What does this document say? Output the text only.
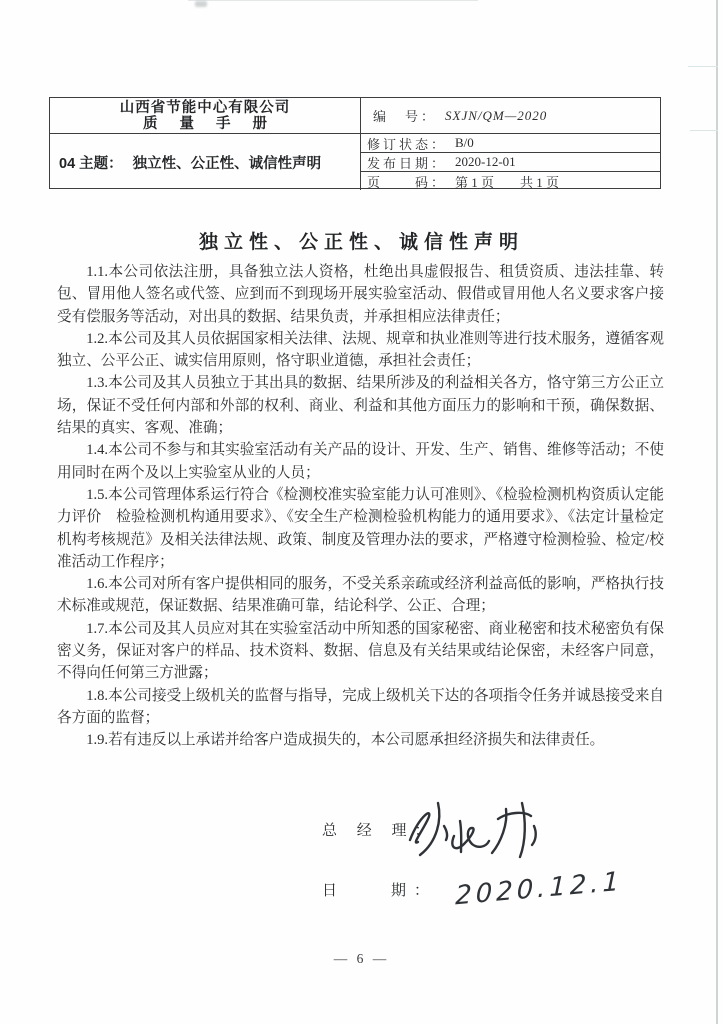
山西省节能中心有限公司
质 量 手 册	编　号： SXJN/QM—2020
04 主题： 独立性、公正性、诚信性声明
修订状态： B/0
发布日期： 2020-12-01
页　　码： 第 1 页　　共 1 页
独立性、公正性、诚信性声明

1.1.本公司依法注册，具备独立法人资格，杜绝出具虚假报告、租赁资质、违法挂靠、转包、冒用他人签名或代签、应到而不到现场开展实验室活动、假借或冒用他人名义要求客户接受有偿服务等活动，对出具的数据、结果负责，并承担相应法律责任；

1.2.本公司及其人员依据国家相关法律、法规、规章和执业准则等进行技术服务，遵循客观独立、公平公正、诚实信用原则，恪守职业道德，承担社会责任；

1.3.本公司及其人员独立于其出具的数据、结果所涉及的利益相关各方，恪守第三方公正立场，保证不受任何内部和外部的权利、商业、利益和其他方面压力的影响和干预，确保数据、结果的真实、客观、准确；

1.4.本公司不参与和其实验室活动有关产品的设计、开发、生产、销售、维修等活动；不使用同时在两个及以上实验室从业的人员；

1.5.本公司管理体系运行符合《检测校准实验室能力认可准则》、《检验检测机构资质认定能力评价　检验检测机构通用要求》、《安全生产检测检验机构能力的通用要求》、《法定计量检定机构考核规范》及相关法律法规、政策、制度及管理办法的要求，严格遵守检测检验、检定/校准活动工作程序；

1.6.本公司对所有客户提供相同的服务，不受关系亲疏或经济利益高低的影响，严格执行技术标准或规范，保证数据、结果准确可靠，结论科学、公正、合理；

1.7.本公司及其人员应对其在实验室活动中所知悉的国家秘密、商业秘密和技术秘密负有保密义务，保证对客户的样品、技术资料、数据、信息及有关结果或结论保密，未经客户同意，不得向任何第三方泄露；

1.8.本公司接受上级机关的监督与指导，完成上级机关下达的各项指令任务并诚恳接受来自各方面的监督；

1.9.若有违反以上承诺并给客户造成损失的，本公司愿承担经济损失和法律责任。

总 经 理：
日　　期： 2020.12.1
— 6 —
